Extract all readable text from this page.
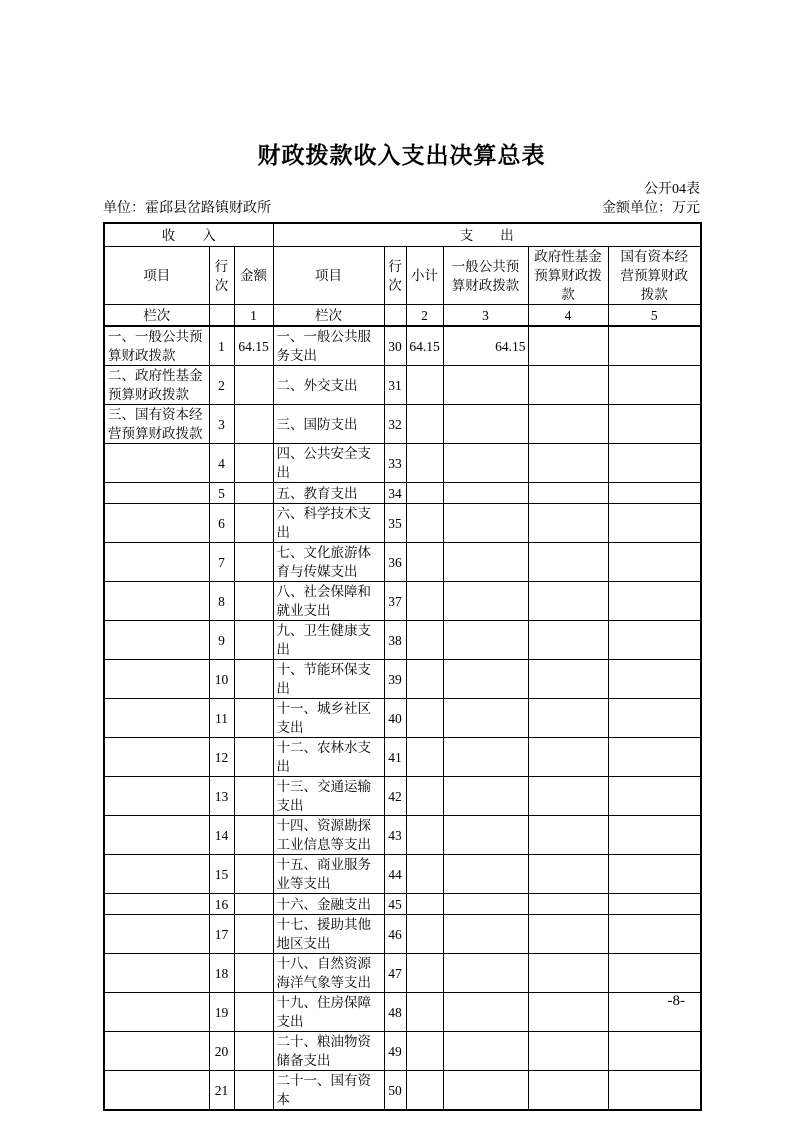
财政拨款收入支出决算总表
公开04表
单位：霍邱县岔路镇财政所	金额单位：万元
收　　入			支　　出					
项目	行次	金额	项目	行次	小计	一般公共预算财政拨款	政府性基金预算财政拨款	国有资本经营预算财政拨款
栏次		1	栏次		2	3	4	5
一、一般公共预算财政拨款	1	64.15	一、一般公共服务支出	30	64.15	64.15		
二、政府性基金预算财政拨款	2		二、外交支出	31				
三、国有资本经营预算财政拨款	3		三、国防支出	32				
	4		四、公共安全支出	33				
	5		五、教育支出	34				
	6		六、科学技术支出	35				
	7		七、文化旅游体育与传媒支出	36				
	8		八、社会保障和就业支出	37				
	9		九、卫生健康支出	38				
	10		十、节能环保支出	39				
	11		十一、城乡社区支出	40				
	12		十二、农林水支出	41				
	13		十三、交通运输支出	42				
	14		十四、资源勘探工业信息等支出	43				
	15		十五、商业服务业等支出	44				
	16		十六、金融支出	45				
	17		十七、援助其他地区支出	46				
	18		十八、自然资源海洋气象等支出	47				
	19		十九、住房保障支出	48				
	20		二十、粮油物资储备支出	49				
	21		二十一、国有资本	50				
-8-
